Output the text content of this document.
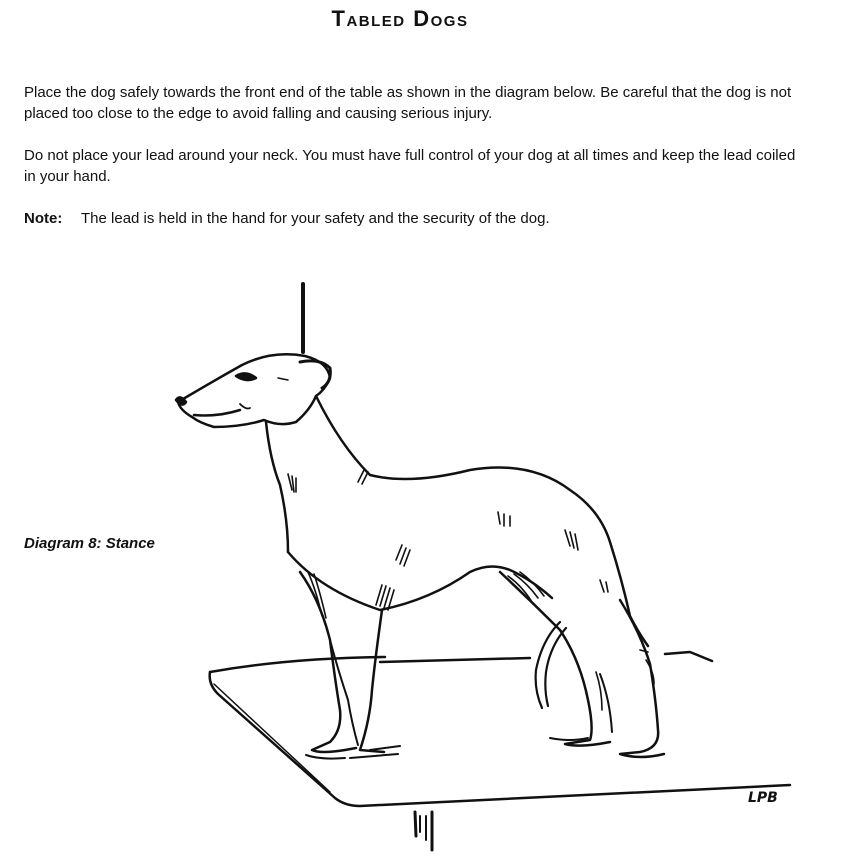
Tabled Dogs
Place the dog safely towards the front end of the table as shown in the diagram below. Be careful that the dog is not placed too close to the edge to avoid falling and causing serious injury.
Do not place your lead around your neck. You must have full control of your dog at all times and keep the lead coiled in your hand.
Note: The lead is held in the hand for your safety and the security of the dog.
Diagram 8: Stance
LPB
